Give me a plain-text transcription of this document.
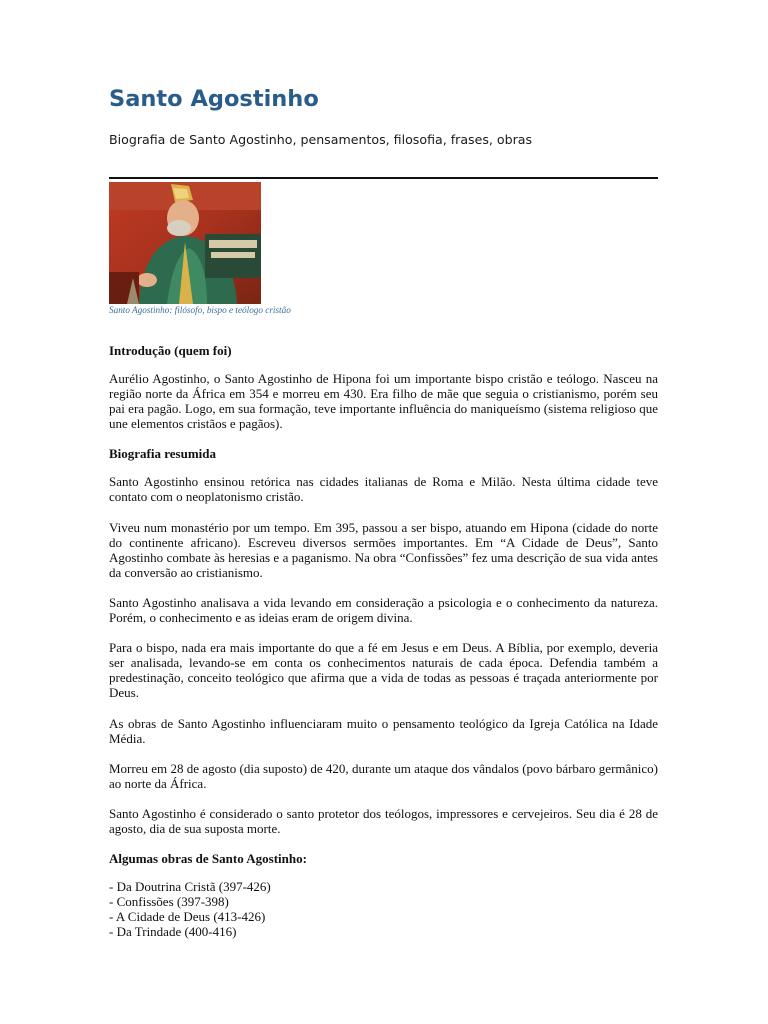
Santo Agostinho

Biografia de Santo Agostinho, pensamentos, filosofia, frases, obras

Santo Agostinho: filósofo, bispo e teólogo cristão

Introdução (quem foi)

Aurélio Agostinho, o Santo Agostinho de Hipona foi um importante bispo cristão e teólogo. Nasceu na região norte da África em 354 e morreu em 430. Era filho de mãe que seguia o cristianismo, porém seu pai era pagão. Logo, em sua formação, teve importante influência do maniqueísmo (sistema religioso que une elementos cristãos e pagãos).

Biografia resumida

Santo Agostinho ensinou retórica nas cidades italianas de Roma e Milão. Nesta última cidade teve contato com o neoplatonismo cristão.

Viveu num monastério por um tempo. Em 395, passou a ser bispo, atuando em Hipona (cidade do norte do continente africano). Escreveu diversos sermões importantes. Em “A Cidade de Deus”, Santo Agostinho combate às heresias e a paganismo. Na obra “Confissões” fez uma descrição de sua vida antes da conversão ao cristianismo.

Santo Agostinho analisava a vida levando em consideração a psicologia e o conhecimento da natureza. Porém, o conhecimento e as ideias eram de origem divina.

Para o bispo, nada era mais importante do que a fé em Jesus e em Deus. A Bíblia, por exemplo, deveria ser analisada, levando-se em conta os conhecimentos naturais de cada época. Defendia também a predestinação, conceito teológico que afirma que a vida de todas as pessoas é traçada anteriormente por Deus.

As obras de Santo Agostinho influenciaram muito o pensamento teológico da Igreja Católica na Idade Média.

Morreu em 28 de agosto (dia suposto) de 420, durante um ataque dos vândalos (povo bárbaro germânico) ao norte da África.

Santo Agostinho é considerado o santo protetor dos teólogos, impressores e cervejeiros. Seu dia é 28 de agosto, dia de sua suposta morte.

Algumas obras de Santo Agostinho:
- Da Doutrina Cristã (397-426)
- Confissões (397-398)
- A Cidade de Deus (413-426)
- Da Trindade (400-416)
